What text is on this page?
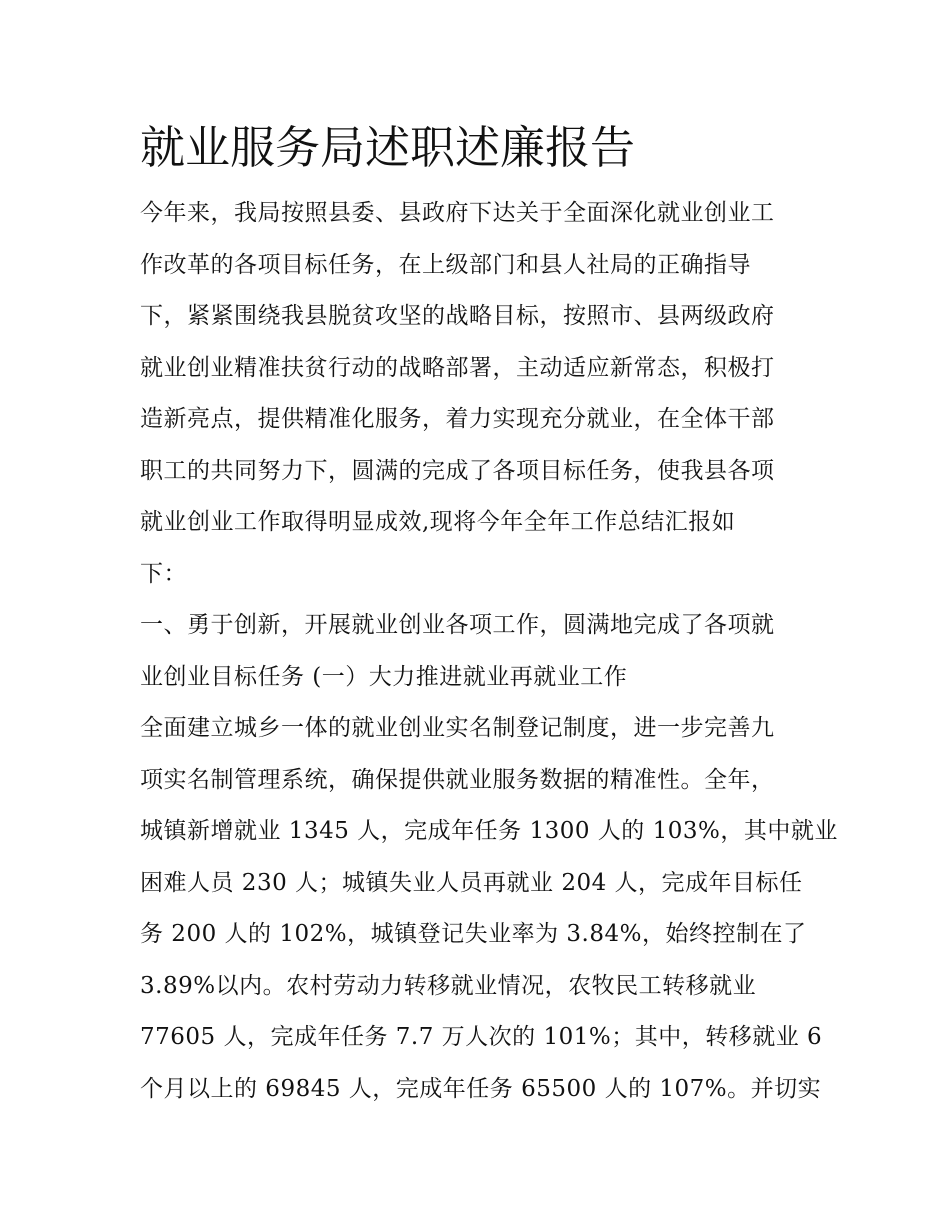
就业服务局述职述廉报告
今年来，我局按照县委、县政府下达关于全面深化就业创业工
作改革的各项目标任务，在上级部门和县人社局的正确指导
下，紧紧围绕我县脱贫攻坚的战略目标，按照市、县两级政府
就业创业精准扶贫行动的战略部署，主动适应新常态，积极打
造新亮点，提供精准化服务，着力实现充分就业，在全体干部
职工的共同努力下，圆满的完成了各项目标任务，使我县各项
就业创业工作取得明显成效,现将今年全年工作总结汇报如
下：
一、勇于创新，开展就业创业各项工作，圆满地完成了各项就
业创业目标任务 (一）大力推进就业再就业工作
全面建立城乡一体的就业创业实名制登记制度，进一步完善九
项实名制管理系统，确保提供就业服务数据的精准性。全年，
城镇新增就业 1345 人，完成年任务 1300 人的 103%，其中就业
困难人员 230 人；城镇失业人员再就业 204 人，完成年目标任
务 200 人的 102%，城镇登记失业率为 3.84%，始终控制在了
3.89%以内。农村劳动力转移就业情况，农牧民工转移就业
77605 人，完成年任务 7.7 万人次的 101%；其中，转移就业 6
个月以上的 69845 人，完成年任务 65500 人的 107%。并切实
